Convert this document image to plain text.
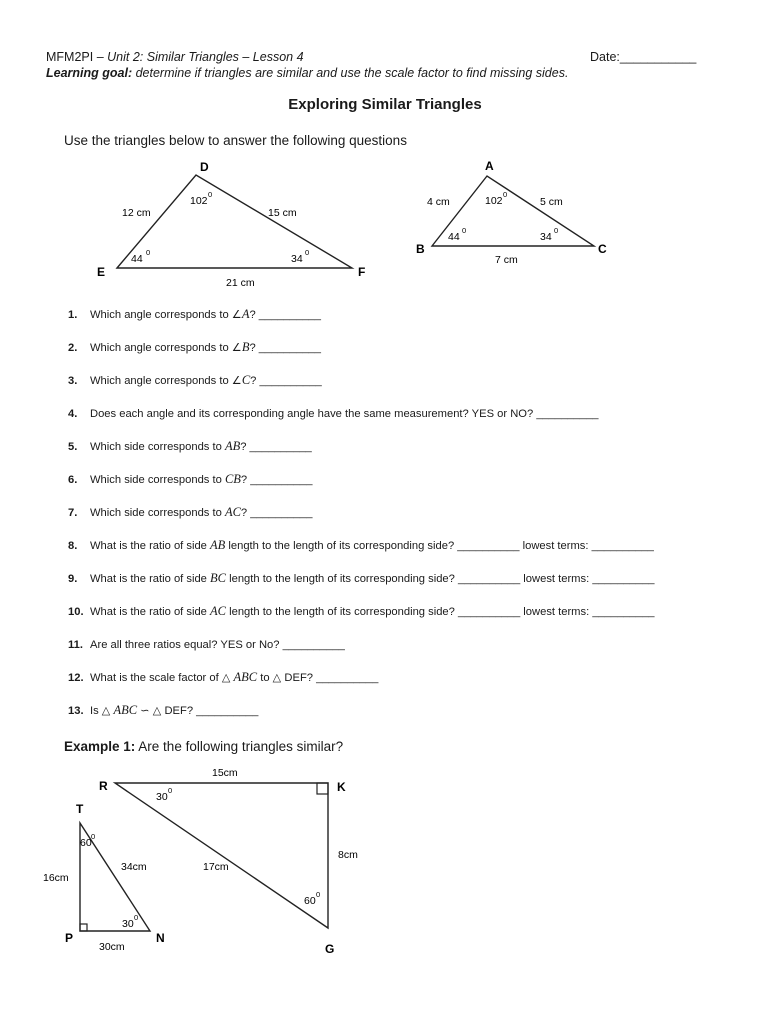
MFM2PI – Unit 2: Similar Triangles – Lesson 4	Date:___________
Learning goal: determine if triangles are similar and use the scale factor to find missing sides.
Exploring Similar Triangles
Use the triangles below to answer the following questions
D
E	F
12 cm	15 cm
21 cm
102
0
44
0
34
0
A
B	C
4 cm	5 cm
7 cm
102
0
44
0
34
0
1. Which angle corresponds to ∠A? __________
2. Which angle corresponds to ∠B? __________
3. Which angle corresponds to ∠C? __________
4. Does each angle and its corresponding angle have the same measurement? YES or NO? __________
5. Which side corresponds to AB? __________
6. Which side corresponds to CB? __________
7. Which side corresponds to AC? __________
8. What is the ratio of side AB length to the length of its corresponding side? __________ lowest terms: __________
9. What is the ratio of side BC length to the length of its corresponding side? __________ lowest terms: __________
10. What is the ratio of side AC length to the length of its corresponding side? __________ lowest terms: __________
11. Are all three ratios equal? YES or No? __________
12. What is the scale factor of △ ABC to △ DEF? __________
13. Is △ ABC ∽ △ DEF? __________
Example 1: Are the following triangles similar?
R	K
G
15cm
8cm
17cm
30
0
60
0
T
P	N
16cm
34cm
30cm
60
0
30
0
